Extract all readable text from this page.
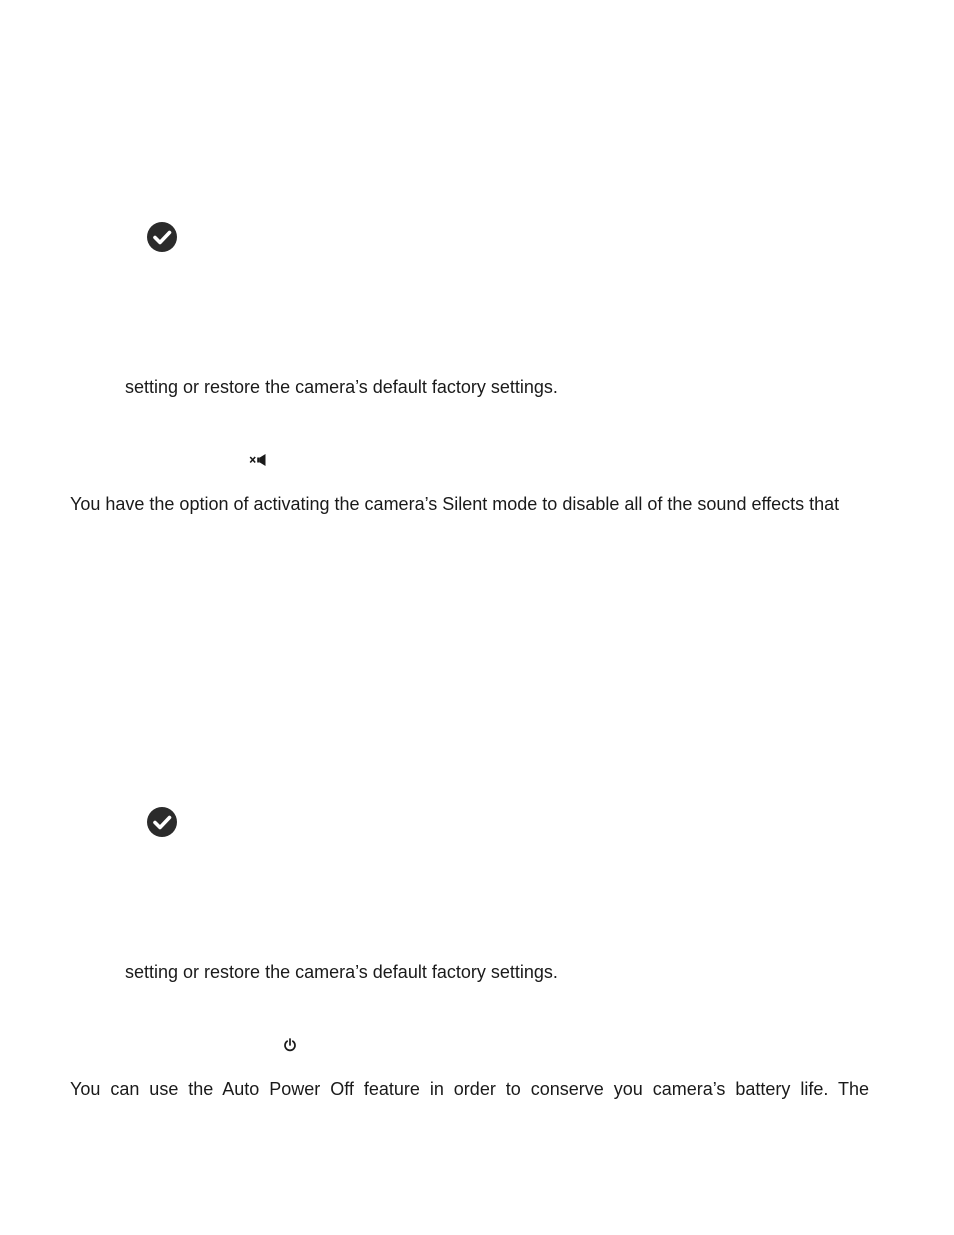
setting or restore the camera’s default factory settings.
You have the option of activating the camera’s Silent mode to disable all of the sound effects that
setting or restore the camera’s default factory settings.
You can use the Auto Power Off feature in order to conserve you camera’s battery life. The
